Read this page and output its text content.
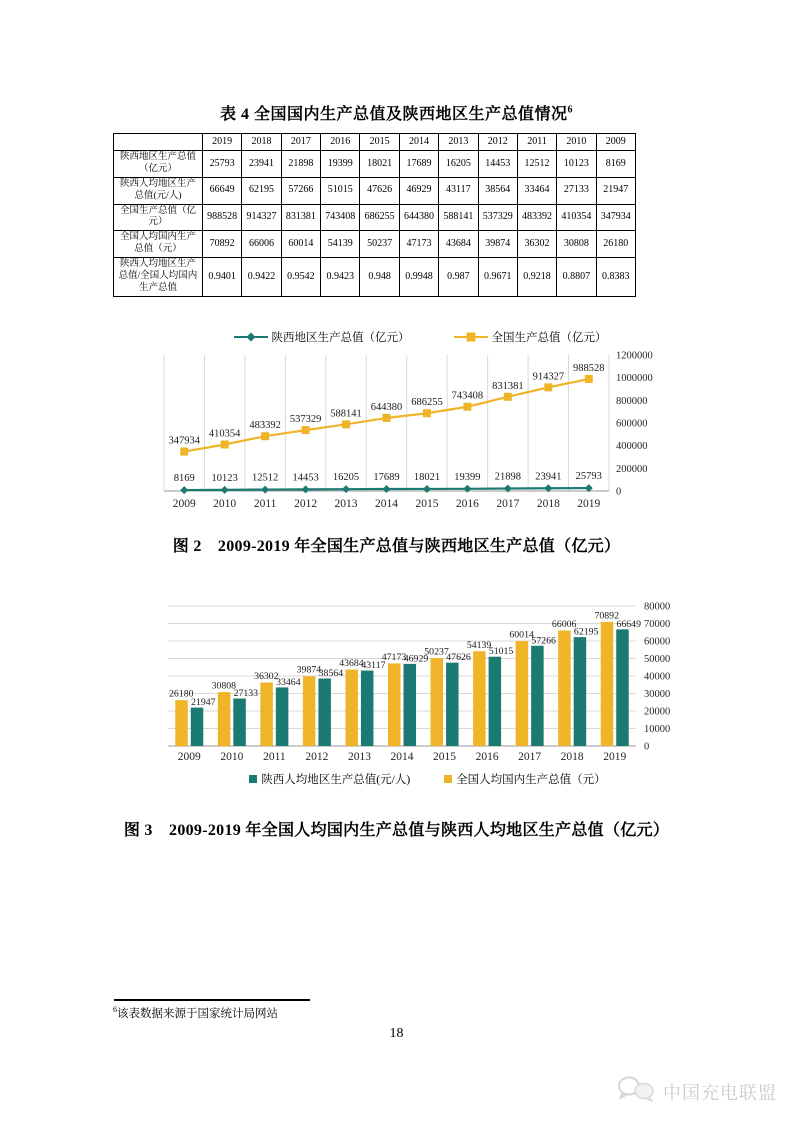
表 4 全国国内生产总值及陕西地区生产总值情况$^6$
	2019	2018	2017	2016	2015	2014	2013	2012	2011	2010	2009
陕西地区生产总值（亿元）	25793	23941	21898	19399	18021	17689	16205	14453	12512	10123	8169
陕西人均地区生产总值(元/人)	66649	62195	57266	51015	47626	46929	43117	38564	33464	27133	21947
全国生产总值（亿元）	988528	914327	831381	743408	686255	644380	588141	537329	483392	410354	347934
全国人均国内生产总值（元）	70892	66006	60014	54139	50237	47173	43684	39874	36302	30808	26180
陕西人均地区生产总值/全国人均国内生产总值	0.9401	0.9422	0.9542	0.9423	0.948	0.9948	0.987	0.9671	0.9218	0.8807	0.8383
陕西地区生产总值（亿元）	全国生产总值（亿元）
0
200000
400000
600000
800000
1000000
1200000
2009 2010 2011 2012 2013 2014 2015 2016 2017 2018 2019
8169 10123 12512 14453 16205 17689 18021 19399 21898 23941 25793
347934
410354
483392
537329
588141
644380 686255
743408
831381
914327
988528
图 2　2009-2019 年全国生产总值与陕西地区生产总值（亿元）
0
10000
20000
30000
40000
50000
60000
70000
80000
2009 2010 2011 2012 2013 2014 2015 2016 2017 2018 2019
26180
21947
30808
27133
36302
33464
39874
38564
43684
43117
47173
46929
50237
47626
54139
51015
60014
57266
66006
62195
70892
66649
陕西人均地区生产总值(元/人)	全国人均国内生产总值（元）
图 3　2009-2019 年全国人均国内生产总值与陕西人均地区生产总值（亿元）
$^6$该表数据来源于国家统计局网站
18
中国充电联盟
